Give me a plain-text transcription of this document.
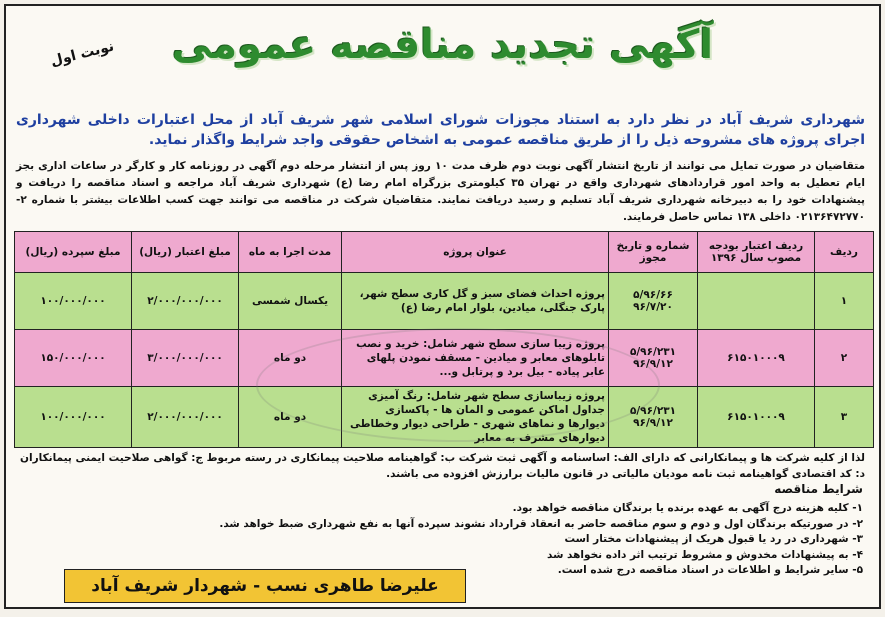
آگهی تجدید مناقصه عمومی
نوبت اول
شهرداری شریف آباد در نظر دارد به استناد مجوزات شورای اسلامی شهر شریف آباد از محل اعتبارات داخلی شهرداری اجرای پروژه های مشروحه ذیل را از طریق مناقصه عمومی به اشخاص حقوقی واجد شرایط واگذار نماید.
متقاضیان در صورت تمایل می توانند از تاریخ انتشار آگهی نوبت دوم ظرف مدت ۱۰ روز پس از انتشار مرحله دوم آگهی در روزنامه کار و کارگر در ساعات اداری بجز ایام تعطیل به واحد امور قراردادهای شهرداری واقع در تهران ۳۵ کیلومتری بزرگراه امام رضا (ع) شهرداری شریف آباد مراجعه و اسناد مناقصه را دریافت و پیشنهادات خود را به دبیرخانه شهرداری شریف آباد تسلیم و رسید دریافت نمایند. متقاضیان شرکت در مناقصه می توانند جهت کسب اطلاعات بیشتر با شماره ۲- ۰۲۱۳۶۴۷۲۷۷۰ داخلی ۱۳۸ تماس حاصل فرمایند.
ردیف	ردیف اعتبار بودجه مصوب سال ۱۳۹۶	شماره و تاریخ مجوز	عنوان پروژه	مدت اجرا به ماه	مبلغ اعتبار (ریال)	مبلغ سپرده (ریال)
۱		۵/۹۶/۶۶ ۹۶/۷/۲۰	پروژه احداث فضای سبز و گل کاری سطح شهر، پارک جنگلی، میادین، بلوار امام رضا (ع)	یکسال شمسی	۲/۰۰۰/۰۰۰/۰۰۰	۱۰۰/۰۰۰/۰۰۰
۲	۶۱۵۰۱۰۰۰۹	۵/۹۶/۲۳۱ ۹۶/۹/۱۲	پروژه زیبا سازی سطح شهر شامل: خرید و نصب تابلوهای معابر و میادین - مسقف نمودن پلهای عابر پیاده - بیل برد و پرتابل و...	دو ماه	۳/۰۰۰/۰۰۰/۰۰۰	۱۵۰/۰۰۰/۰۰۰
۳	۶۱۵۰۱۰۰۰۹	۵/۹۶/۲۳۱ ۹۶/۹/۱۲	پروژه زیباسازی سطح شهر شامل: رنگ آمیزی جداول اماکن عمومی و المان ها - پاکسازی دیوارها و نماهای شهری - طراحی دیوار وخطاطی دیوارهای مشرف به معابر	دو ماه	۲/۰۰۰/۰۰۰/۰۰۰	۱۰۰/۰۰۰/۰۰۰
لذا از کلیه شرکت ها و پیمانکارانی که دارای الف: اساسنامه و آگهی ثبت شرکت ب: گواهینامه صلاحیت پیمانکاری در رسته مربوط ج: گواهی صلاحیت ایمنی پیمانکاران د: کد اقتصادی گواهینامه ثبت نامه مودیان مالیاتی در قانون مالیات برارزش افزوده می باشند.
شرایط مناقصه
۱- کلیه هزینه درج آگهی به عهده برنده یا برندگان مناقصه خواهد بود.
۲- در صورتیکه برندگان اول و دوم و سوم مناقصه حاضر به انعقاد قرارداد نشوند سپرده آنها به نفع شهرداری ضبط خواهد شد.
۳- شهرداری در رد یا قبول هریک از پیشنهادات مختار است
۴- به پیشنهادات مخدوش و مشروط ترتیب اثر داده نخواهد شد
۵- سایر شرایط و اطلاعات در اسناد مناقصه درج شده است.
علیرضا طاهری نسب - شهردار شریف آباد
